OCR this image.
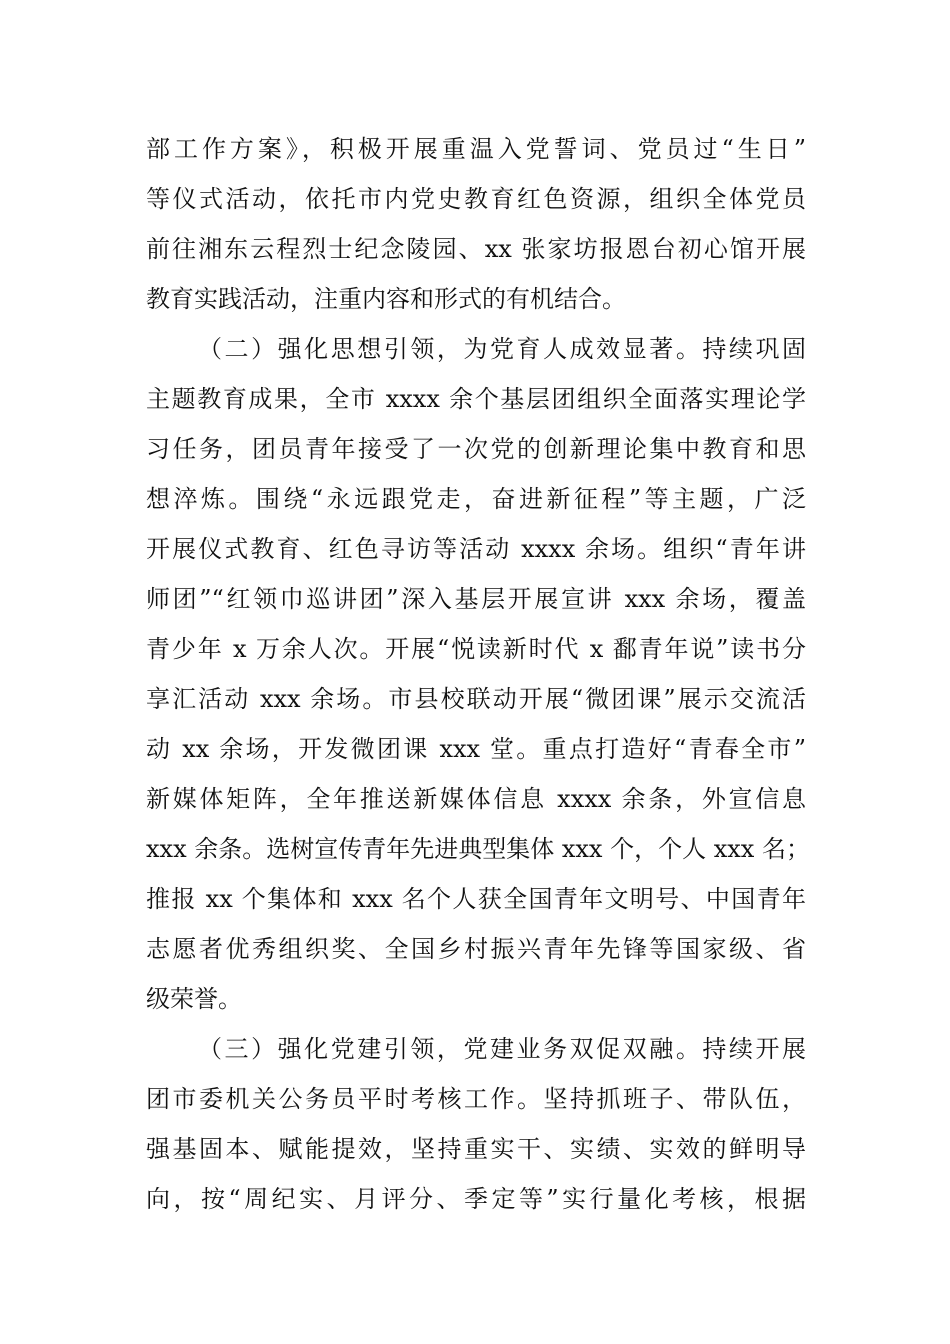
部工作方案》，积极开展重温入党誓词、党员过“生日”
等仪式活动，依托市内党史教育红色资源，组织全体党员
前往湘东云程烈士纪念陵园、xx 张家坊报恩台初心馆开展
教育实践活动，注重内容和形式的有机结合。
（二）强化思想引领，为党育人成效显著。持续巩固
主题教育成果，全市 xxxx 余个基层团组织全面落实理论学
习任务，团员青年接受了一次党的创新理论集中教育和思
想淬炼。围绕“永远跟党走，奋进新征程”等主题，广泛
开展仪式教育、红色寻访等活动 xxxx 余场。组织“青年讲
师团”“红领巾巡讲团”深入基层开展宣讲 xxx 余场，覆盖
青少年 x 万余人次。开展“悦读新时代 x 鄱青年说”读书分
享汇活动 xxx 余场。市县校联动开展“微团课”展示交流活
动 xx 余场，开发微团课 xxx 堂。重点打造好“青春全市”
新媒体矩阵，全年推送新媒体信息 xxxx 余条，外宣信息
xxx 余条。选树宣传青年先进典型集体 xxx 个，个人 xxx 名；
推报 xx 个集体和 xxx 名个人获全国青年文明号、中国青年
志愿者优秀组织奖、全国乡村振兴青年先锋等国家级、省
级荣誉。
（三）强化党建引领，党建业务双促双融。持续开展
团市委机关公务员平时考核工作。坚持抓班子、带队伍，
强基固本、赋能提效，坚持重实干、实绩、实效的鲜明导
向，按“周纪实、月评分、季定等”实行量化考核，根据
